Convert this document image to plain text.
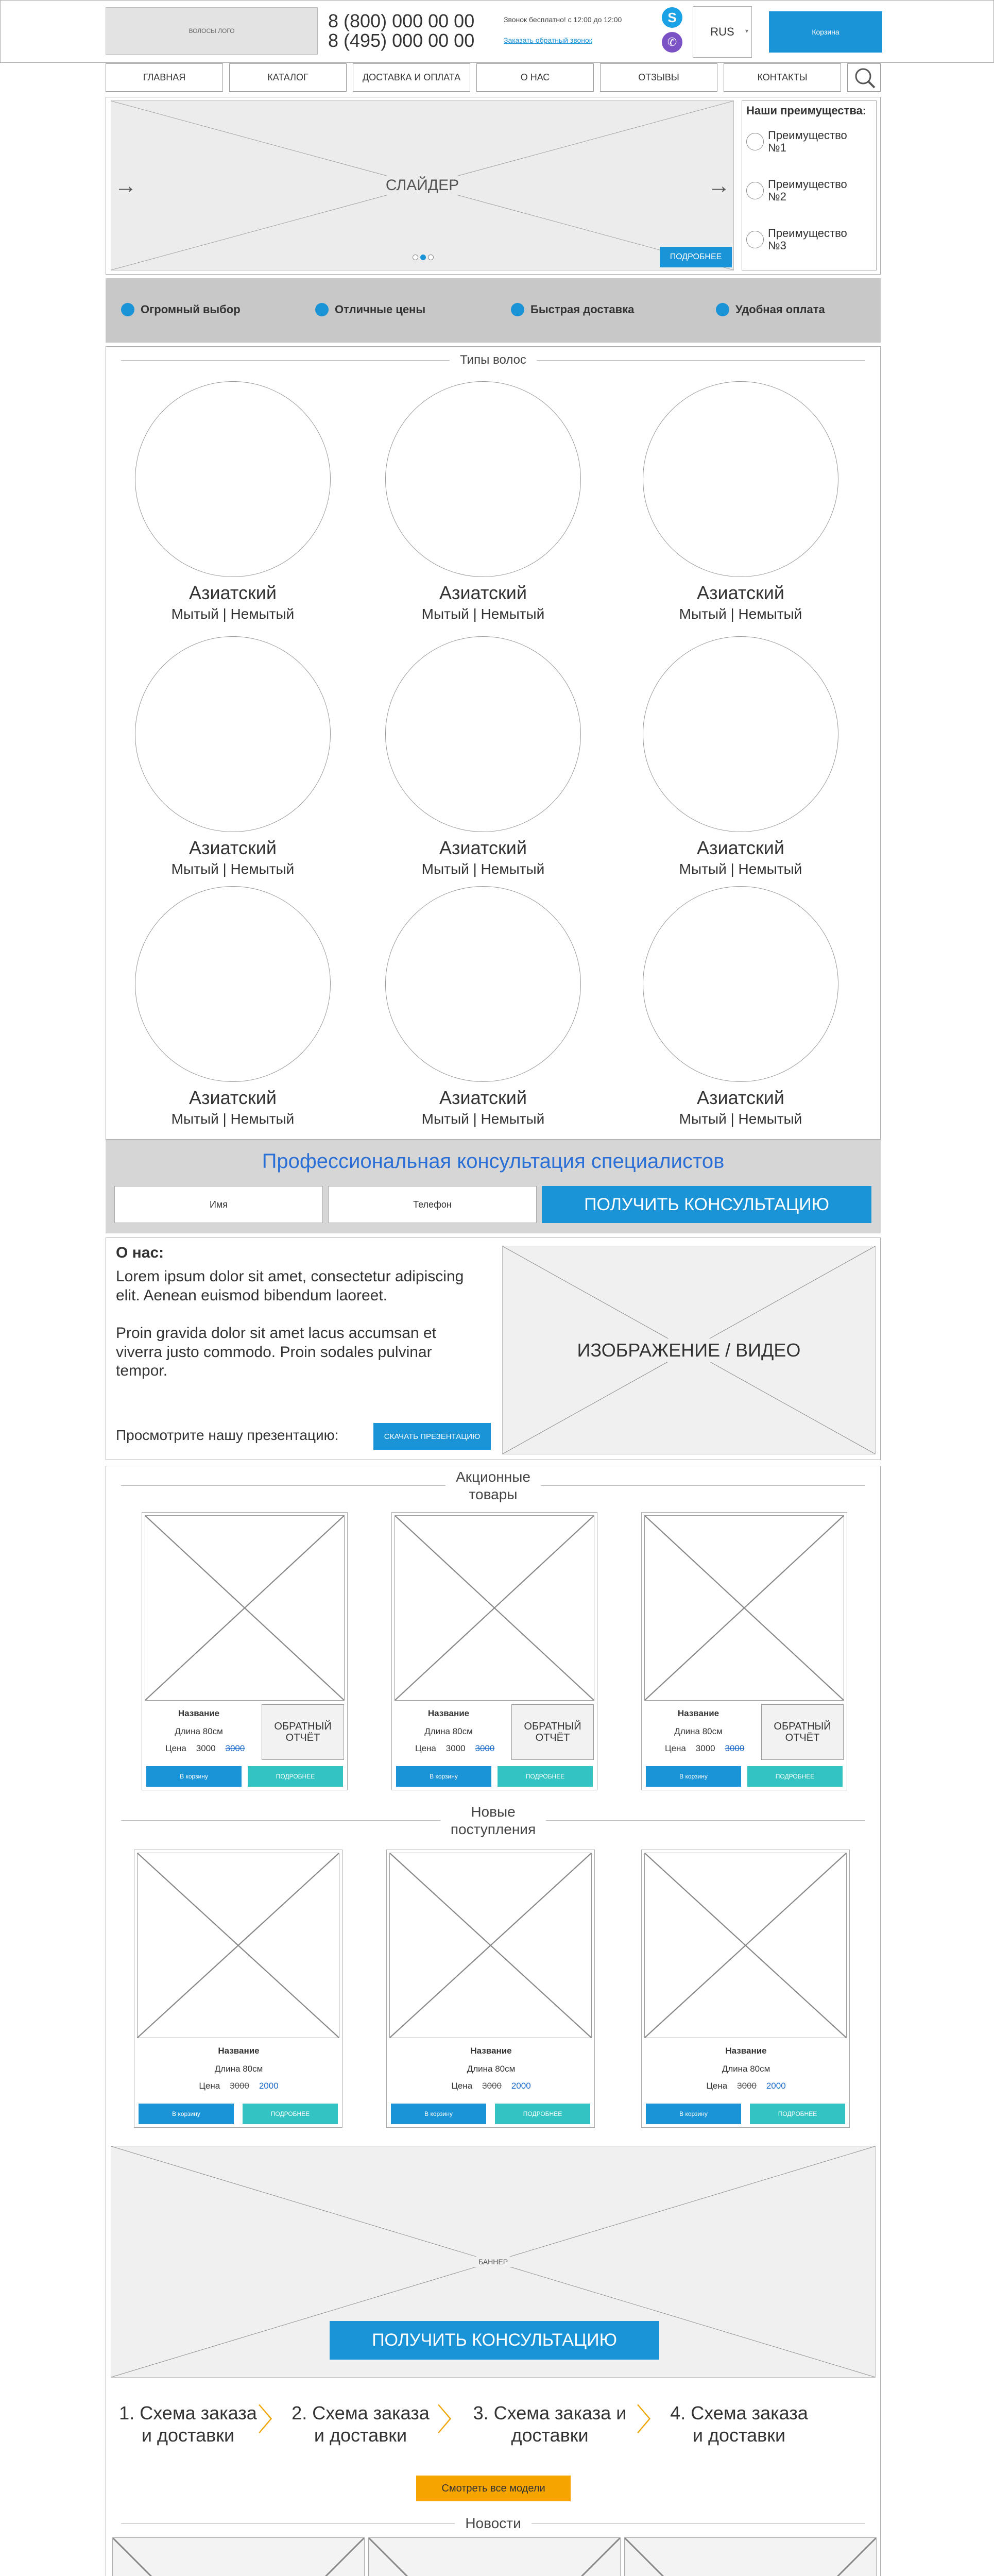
ВОЛОСЫ ЛОГО	8 (800) 000 00 00
8 (495) 000 00 00
Звонок бесплатно! с 12:00 до 12:00
Заказать обратный звонок
S
✆
RUS ▾	Корзина
ГЛАВНАЯ	КАТАЛОГ	ДОСТАВКА И ОПЛАТА	О НАС	ОТЗЫВЫ	КОНТАКТЫ
СЛАЙДЕР
→	→
ПОДРОБНЕЕ
Наши преимущества:
Преимущество №1
Преимущество №2
Преимущество №3
Огромный выбор	Отличные цены	Быстрая доставка	Удобная оплата
Типы волос
Азиатский
Мытый | Немытый
Азиатский
Мытый | Немытый
Азиатский
Мытый | Немытый
Азиатский
Мытый | Немытый
Азиатский
Мытый | Немытый
Азиатский
Мытый | Немытый
Азиатский
Мытый | Немытый
Азиатский
Мытый | Немытый
Азиатский
Мытый | Немытый
Профессиональная консультация специалистов
Имя	Телефон	ПОЛУЧИТЬ КОНСУЛЬТАЦИЮ
О нас:
Lorem ipsum dolor sit amet, consectetur adipiscing elit. Aenean euismod bibendum laoreet.
Proin gravida dolor sit amet lacus accumsan et viverra justo commodo. Proin sodales pulvinar tempor.
Просмотрите нашу презентацию:	СКАЧАТЬ ПРЕЗЕНТАЦИЮ
ИЗОБРАЖЕНИЕ / ВИДЕО
Акционные
товары
Название
Длина 80см
Цена 3000 3000
ОБРАТНЫЙ ОТЧЁТ
В корзину	ПОДРОБНЕЕ
Название
Длина 80см
Цена 3000 3000
ОБРАТНЫЙ ОТЧЁТ
В корзину	ПОДРОБНЕЕ
Название
Длина 80см
Цена 3000 3000
ОБРАТНЫЙ ОТЧЁТ
В корзину	ПОДРОБНЕЕ
Новые
поступления
Название
Длина 80см
Цена 3000 2000
В корзину	ПОДРОБНЕЕ
Название
Длина 80см
Цена 3000 2000
В корзину	ПОДРОБНЕЕ
Название
Длина 80см
Цена 3000 2000
В корзину	ПОДРОБНЕЕ
БАННЕР
ПОЛУЧИТЬ КОНСУЛЬТАЦИЮ
1. Схема заказа
и доставки 〉 2. Схема заказа
и доставки 〉 3. Схема заказа и
доставки	〉 4. Схема заказа
и доставки
Смотреть все модели
Новости
